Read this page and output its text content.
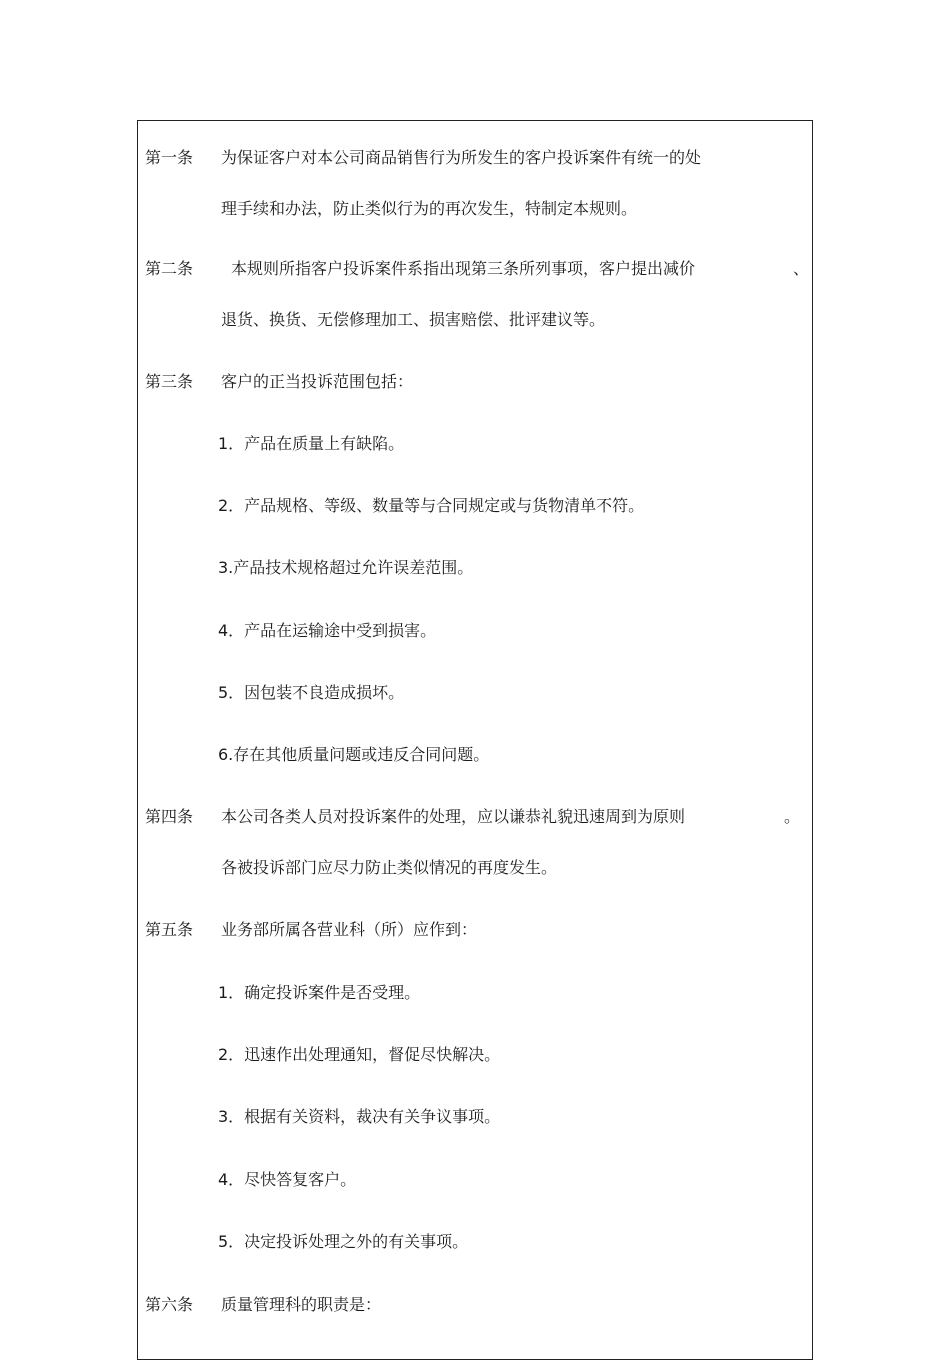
第一条 为保证客户对本公司商品销售行为所发生的客户投诉案件有统一的处
理手续和办法，防止类似行为的再次发生，特制定本规则。
第二条 本规则所指客户投诉案件系指出现第三条所列事项，客户提出减价	、
退货、换货、无偿修理加工、损害赔偿、批评建议等。
第三条 客户的正当投诉范围包括：
1．产品在质量上有缺陷。
2．产品规格、等级、数量等与合同规定或与货物清单不符。
3.产品技术规格超过允许误差范围。
4．产品在运输途中受到损害。
5．因包装不良造成损坏。
6.存在其他质量问题或违反合同问题。
第四条 本公司各类人员对投诉案件的处理，应以谦恭礼貌迅速周到为原则	。
各被投诉部门应尽力防止类似情况的再度发生。
第五条 业务部所属各营业科（所）应作到：
1．确定投诉案件是否受理。
2．迅速作出处理通知，督促尽快解决。
3．根据有关资料，裁决有关争议事项。
4．尽快答复客户。
5．决定投诉处理之外的有关事项。
第六条 质量管理科的职责是：
